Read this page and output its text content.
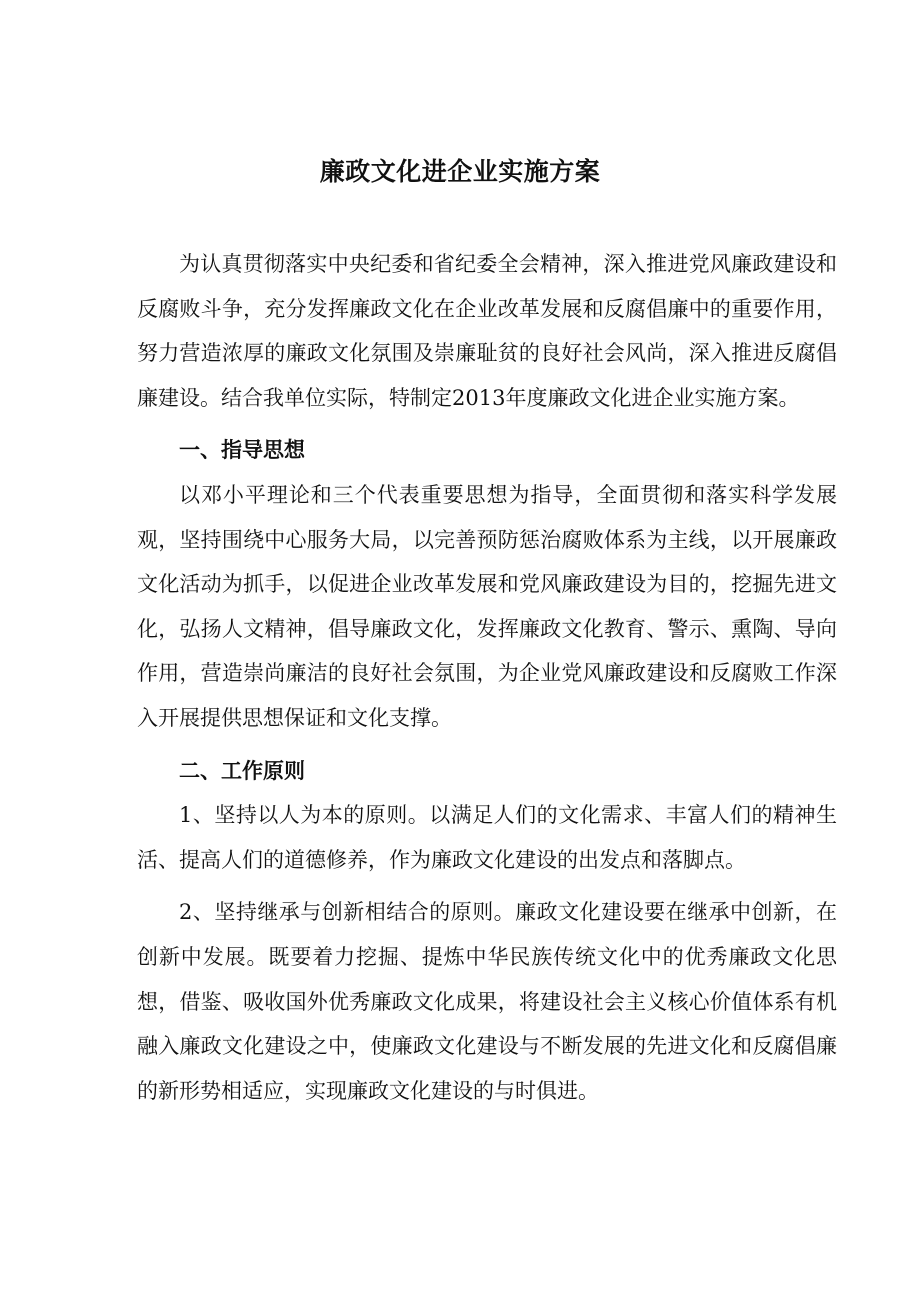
廉政文化进企业实施方案

为认真贯彻落实中央纪委和省纪委全会精神，深入推进党风廉政建设和反腐败斗争，充分发挥廉政文化在企业改革发展和反腐倡廉中的重要作用，努力营造浓厚的廉政文化氛围及崇廉耻贫的良好社会风尚，深入推进反腐倡廉建设。结合我单位实际，特制定2013年度廉政文化进企业实施方案。

一、指导思想

以邓小平理论和三个代表重要思想为指导，全面贯彻和落实科学发展观，坚持围绕中心服务大局，以完善预防惩治腐败体系为主线，以开展廉政文化活动为抓手，以促进企业改革发展和党风廉政建设为目的，挖掘先进文化，弘扬人文精神，倡导廉政文化，发挥廉政文化教育、警示、熏陶、导向作用，营造崇尚廉洁的良好社会氛围，为企业党风廉政建设和反腐败工作深入开展提供思想保证和文化支撑。

二、工作原则

1、坚持以人为本的原则。以满足人们的文化需求、丰富人们的精神生活、提高人们的道德修养，作为廉政文化建设的出发点和落脚点。

2、坚持继承与创新相结合的原则。廉政文化建设要在继承中创新，在创新中发展。既要着力挖掘、提炼中华民族传统文化中的优秀廉政文化思想，借鉴、吸收国外优秀廉政文化成果，将建设社会主义核心价值体系有机融入廉政文化建设之中，使廉政文化建设与不断发展的先进文化和反腐倡廉的新形势相适应，实现廉政文化建设的与时俱进。
